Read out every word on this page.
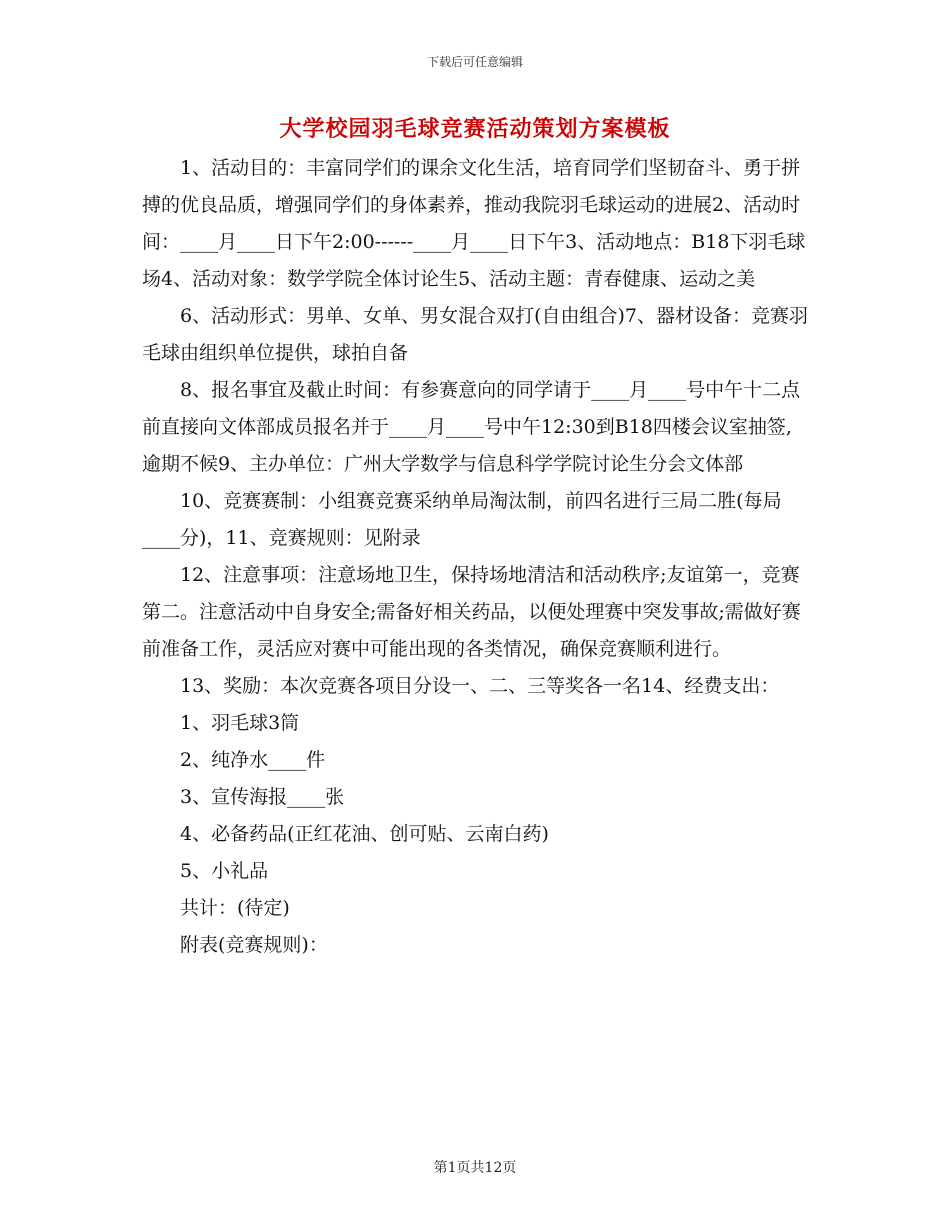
下载后可任意编辑
大学校园羽毛球竞赛活动策划方案模板

1、活动目的：丰富同学们的课余文化生活，培育同学们坚韧奋斗、勇于拼搏的优良品质，增强同学们的身体素养，推动我院羽毛球运动的进展2、活动时间：____月____日下午2:00------____月____日下午3、活动地点：B18下羽毛球场4、活动对象：数学学院全体讨论生5、活动主题：青春健康、运动之美

6、活动形式：男单、女单、男女混合双打(自由组合)7、器材设备：竞赛羽毛球由组织单位提供，球拍自备

8、报名事宜及截止时间：有参赛意向的同学请于____月____号中午十二点前直接向文体部成员报名并于____月____号中午12:30到B18四楼会议室抽签,逾期不候9、主办单位：广州大学数学与信息科学学院讨论生分会文体部

10、竞赛赛制：小组赛竞赛采纳单局淘汰制，前四名进行三局二胜(每局____分)，11、竞赛规则：见附录

12、注意事项：注意场地卫生，保持场地清洁和活动秩序;友谊第一，竞赛第二。注意活动中自身安全;需备好相关药品，以便处理赛中突发事故;需做好赛前准备工作，灵活应对赛中可能出现的各类情况，确保竞赛顺利进行。

13、奖励：本次竞赛各项目分设一、二、三等奖各一名14、经费支出：

1、羽毛球3筒

2、纯净水____件

3、宣传海报____张

4、必备药品(正红花油、创可贴、云南白药)

5、小礼品

共计：(待定)

附表(竞赛规则)：

第1页共12页
